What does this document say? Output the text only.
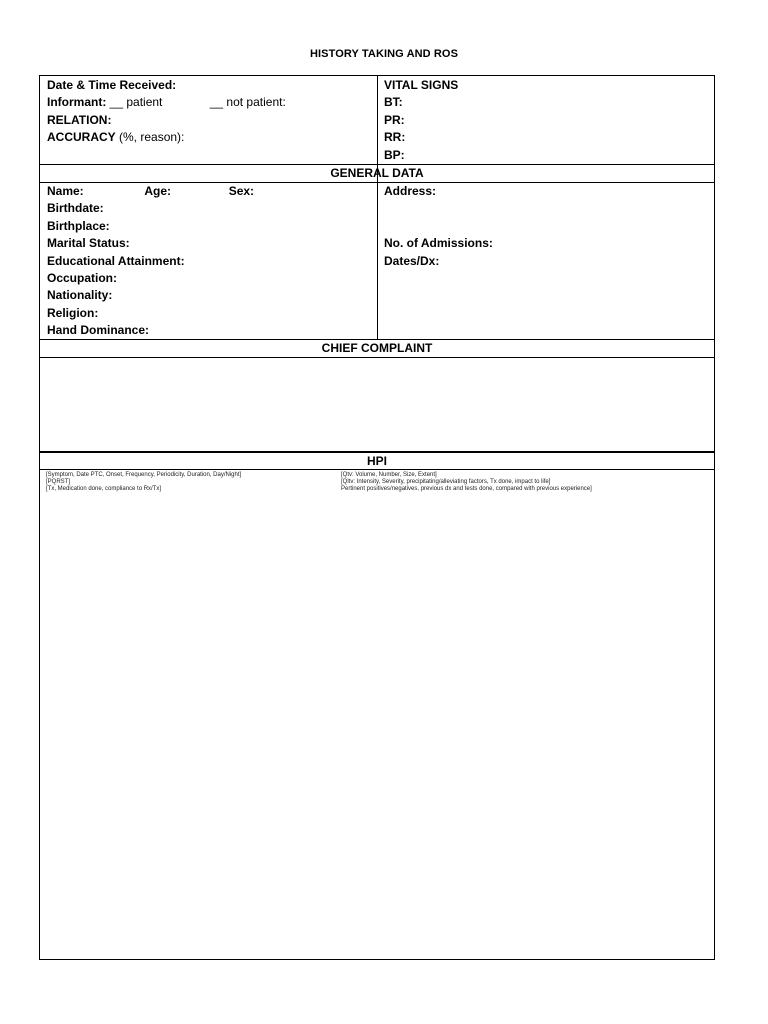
HISTORY TAKING AND ROS
Date & Time Received:
Informant: __ patient	__ not patient:
RELATION:
ACCURACY (%, reason):
VITAL SIGNS
BT:
PR:
RR:
BP:
GENERAL DATA
Name:	Age:	Sex:
Birthdate:
Birthplace:
Marital Status:
Educational Attainment:
Occupation:
Nationality:
Religion:
Hand Dominance:
Address:
No. of Admissions:
Dates/Dx:
CHIEF COMPLAINT
HPI
[Symptom, Date PTC, Onset, Frequency, Periodicity, Duration, Day/Night]
[PQRST]
[Tx, Medication done, compliance to Rx/Tx]
[Qtv: Volume, Number, Size, Extent]
[Qltv: Intensity, Severity, precipitating/alleviating factors, Tx done, impact to life]
Pertinent positives/negatives, previous dx and tests done, compared with previous experience]
